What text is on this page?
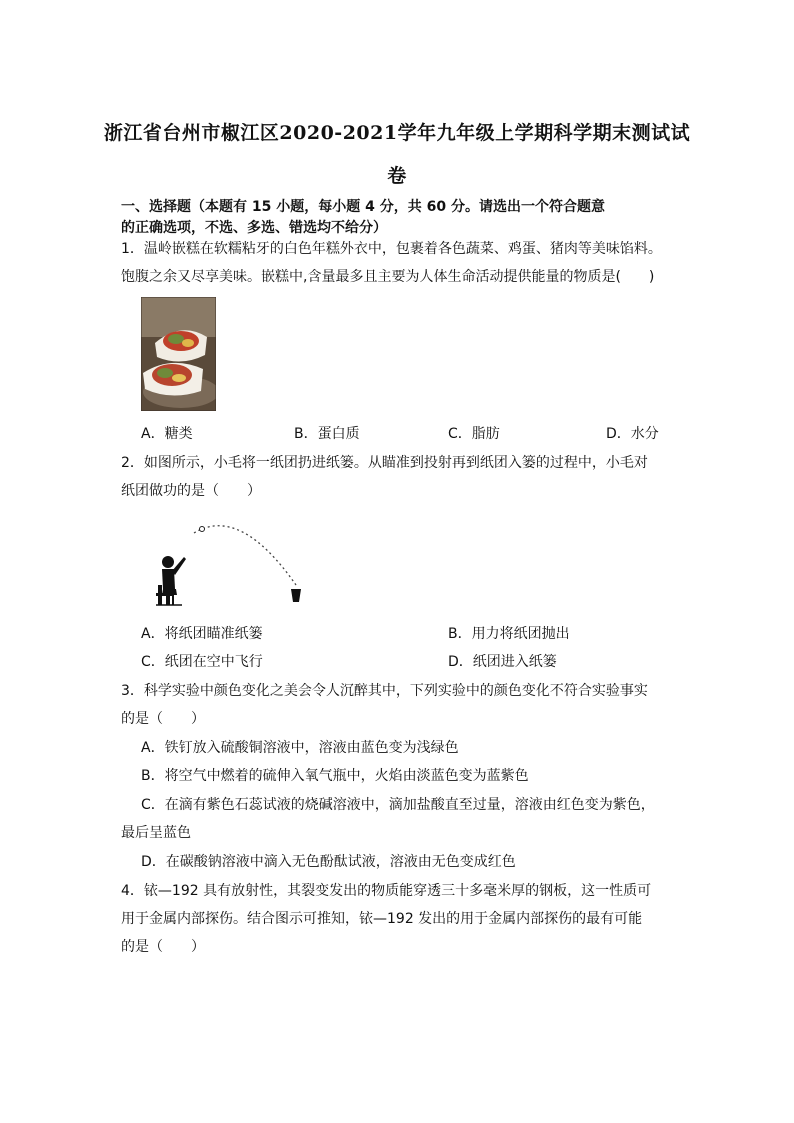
浙江省台州市椒江区2020-2021学年九年级上学期科学期末测试试
卷
一、选择题（本题有 15 小题，每小题 4 分，共 60 分。请选出一个符合题意
的正确选项，不选、多选、错选均不给分）
1．温岭嵌糕在软糯粘牙的白色年糕外衣中，包裹着各色蔬菜、鸡蛋、猪肉等美味馅料。
饱腹之余又尽享美味。嵌糕中,含量最多且主要为人体生命活动提供能量的物质是(　　)
A．糖类	B．蛋白质	C．脂肪	D．水分
2．如图所示，小毛将一纸团扔进纸篓。从瞄准到投射再到纸团入篓的过程中，小毛对
纸团做功的是（　　）
A．将纸团瞄准纸篓	B．用力将纸团抛出
C．纸团在空中飞行	D．纸团进入纸篓
3．科学实验中颜色变化之美会令人沉醉其中，下列实验中的颜色变化不符合实验事实
的是（　　）
A．铁钉放入硫酸铜溶液中，溶液由蓝色变为浅绿色
B．将空气中燃着的硫伸入氧气瓶中，火焰由淡蓝色变为蓝紫色
C．在滴有紫色石蕊试液的烧碱溶液中，滴加盐酸直至过量，溶液由红色变为紫色，
最后呈蓝色
D．在碳酸钠溶液中滴入无色酚酞试液，溶液由无色变成红色
4．铱—192 具有放射性，其裂变发出的物质能穿透三十多毫米厚的钢板，这一性质可
用于金属内部探伤。结合图示可推知，铱—192 发出的用于金属内部探伤的最有可能
的是（　　）
